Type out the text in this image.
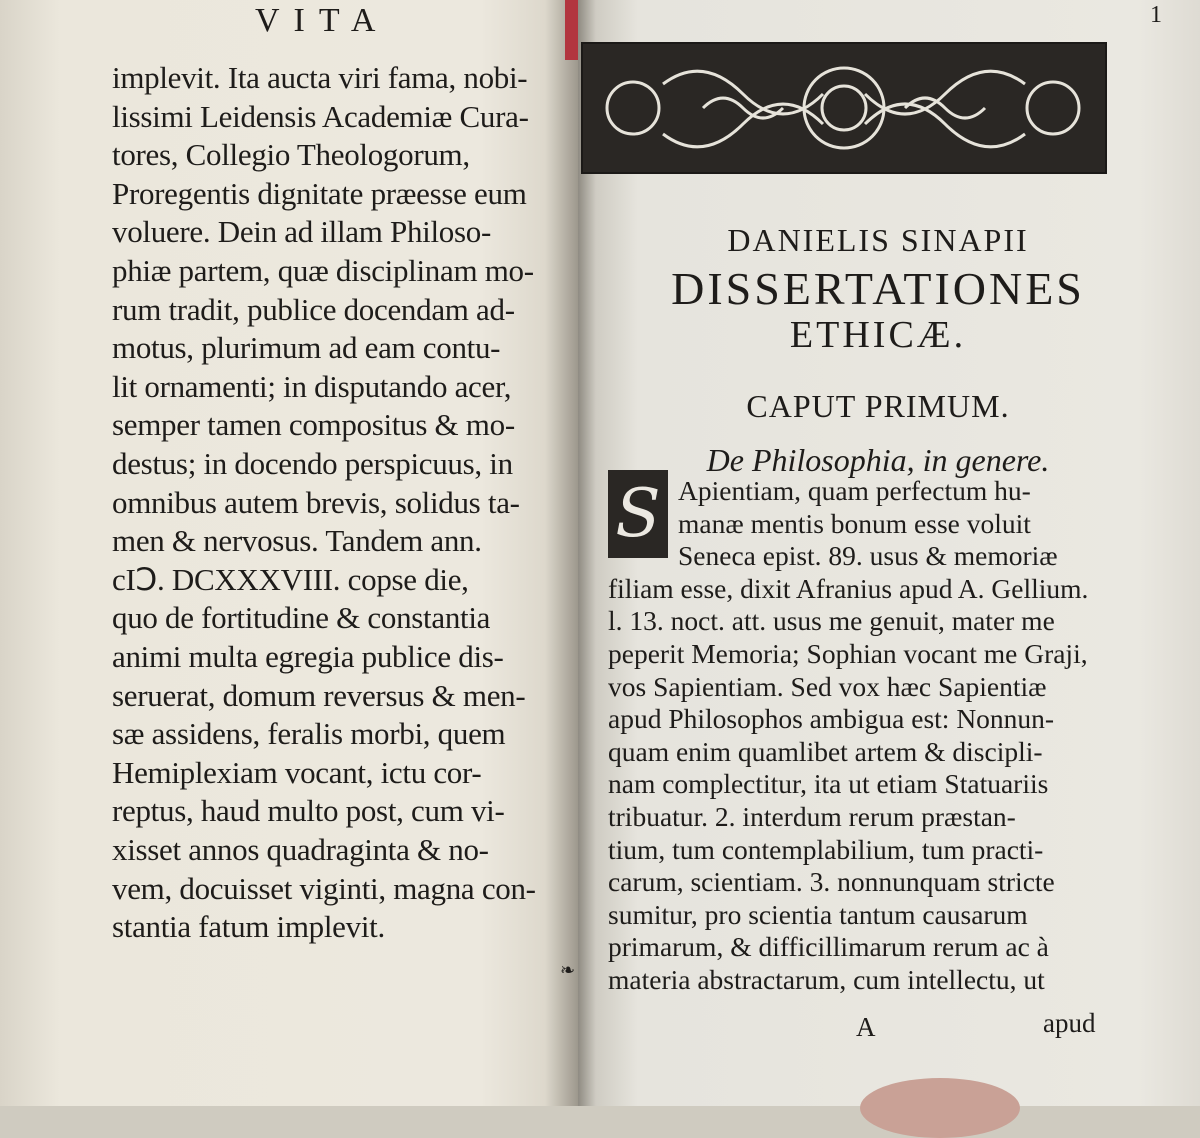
VITA
implevit. Ita aucta viri fama, nobi-
lissimi Leidensis Academiæ Cura-
tores, Collegio Theologorum,
Proregentis dignitate præesse eum
voluere. Dein ad illam Philoso-
phiæ partem, quæ disciplinam mo-
rum tradit, publice docendam ad-
motus, plurimum ad eam contu-
lit ornamenti; in disputando acer,
semper tamen compositus & mo-
destus; in docendo perspicuus, in
omnibus autem brevis, solidus ta-
men & nervosus. Tandem ann.
cIↃ. DCXXXVIII. copse die,
quo de fortitudine & constantia
animi multa egregia publice dis-
seruerat, domum reversus & men-
sæ assidens, feralis morbi, quem
Hemiplexiam vocant, ictu cor-
reptus, haud multo post, cum vi-
xisset annos quadraginta & no-
vem, docuisset viginti, magna con-
stantia fatum implevit.
❧
1
DANIELIS SINAPII
DISSERTATIONES
ETHICÆ.
CAPUT PRIMUM.
De Philosophia, in genere.
S Apientiam, quam perfectum hu-
manæ mentis bonum esse voluit
Seneca epist. 89. usus & memoriæ
filiam esse, dixit Afranius apud A. Gellium.
l. 13. noct. att. usus me genuit, mater me
peperit Memoria; Sophian vocant me Graji,
vos Sapientiam. Sed vox hæc Sapientiæ
apud Philosophos ambigua est: Nonnun-
quam enim quamlibet artem & discipli-
nam complectitur, ita ut etiam Statuariis
tribuatur. 2. interdum rerum præstan-
tium, tum contemplabilium, tum practi-
carum, scientiam. 3. nonnunquam stricte
sumitur, pro scientia tantum causarum
primarum, & difficillimarum rerum ac à
materia abstractarum, cum intellectu, ut
A	apud
